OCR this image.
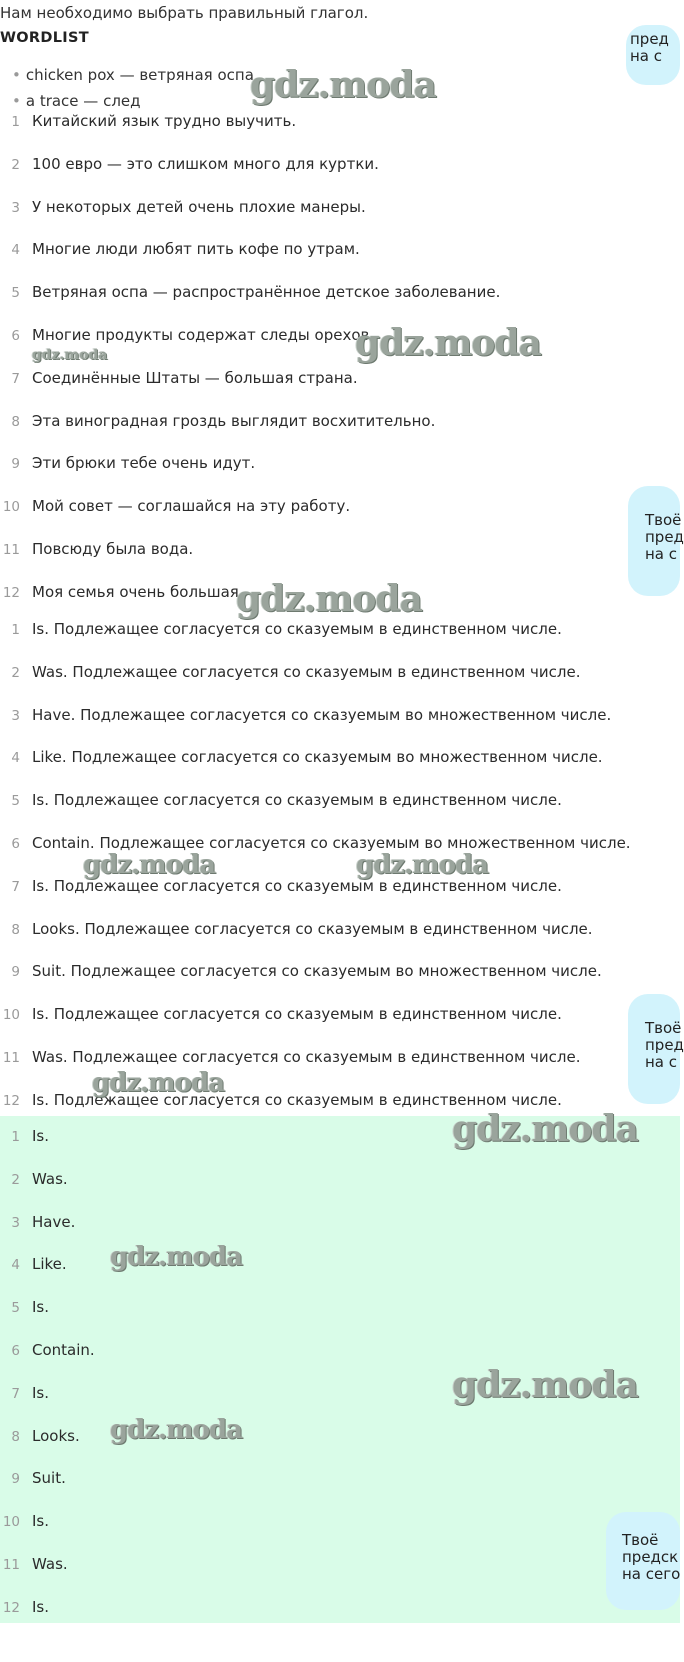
Нам необходимо выбрать правильный глагол.
WORDLIST
• chicken pox — ветряная оспа
• a trace — след
1 Китайский язык трудно выучить.
2 100 евро — это слишком много для куртки.
3 У некоторых детей очень плохие манеры.
4 Многие люди любят пить кофе по утрам.
5 Ветряная оспа — распространённое детское заболевание.
6 Многие продукты содержат следы орехов.
7 Соединённые Штаты — большая страна.
8 Эта виноградная гроздь выглядит восхитительно.
9 Эти брюки тебе очень идут.
10 Мой совет — соглашайся на эту работу.
11 Повсюду была вода.
12 Моя семья очень большая.
1 Is. Подлежащее согласуется со сказуемым в единственном числе.
2 Was. Подлежащее согласуется со сказуемым в единственном числе.
3 Have. Подлежащее согласуется со сказуемым во множественном числе.
4 Like. Подлежащее согласуется со сказуемым во множественном числе.
5 Is. Подлежащее согласуется со сказуемым в единственном числе.
6 Contain. Подлежащее согласуется со сказуемым во множественном числе.
7 Is. Подлежащее согласуется со сказуемым в единственном числе.
8 Looks. Подлежащее согласуется со сказуемым в единственном числе.
9 Suit. Подлежащее согласуется со сказуемым во множественном числе.
10 Is. Подлежащее согласуется со сказуемым в единственном числе.
11 Was. Подлежащее согласуется со сказуемым в единственном числе.
12 Is. Подлежащее согласуется со сказуемым в единственном числе.
1 Is.
2 Was.
3 Have.
4 Like.
5 Is.
6 Contain.
7 Is.
8 Looks.
9 Suit.
10 Is.
11 Was.
12 Is.
пред
на с
Твоё
пред
на с
Твоё
пред
на с
Твоё
предск
на сего
gdz.moda
gdz.moda
gdz.moda
gdz.moda
gdz.moda	gdz.moda
gdz.moda
gdz.moda
gdz.moda
gdz.moda
gdz.moda
